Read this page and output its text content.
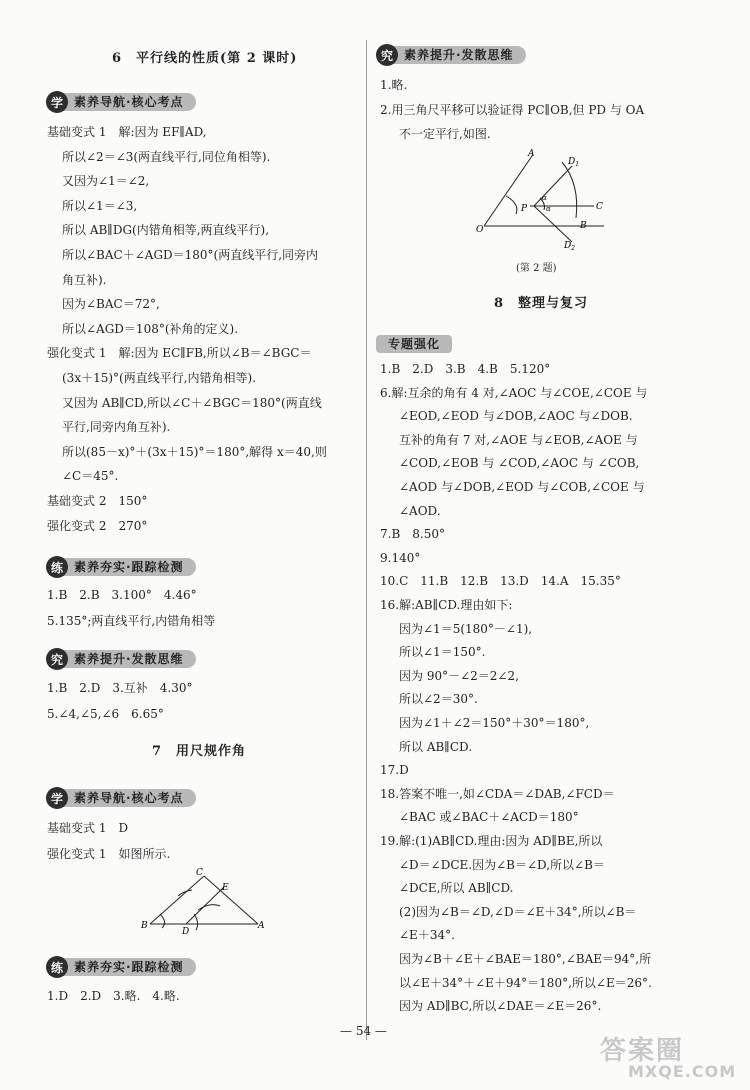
6　平行线的性质(第 2 课时)
学 素养导航·核心考点
基础变式 1　解:因为 EF∥AD,
所以∠2＝∠3(两直线平行,同位角相等).
又因为∠1＝∠2,
所以∠1＝∠3,
所以 AB∥DG(内错角相等,两直线平行),
所以∠BAC＋∠AGD＝180°(两直线平行,同旁内
角互补).
因为∠BAC＝72°,
所以∠AGD＝108°(补角的定义).
强化变式 1　解:因为 EC∥FB,所以∠B＝∠BGC＝
(3x＋15)°(两直线平行,内错角相等).
又因为 AB∥CD,所以∠C＋∠BGC＝180°(两直线
平行,同旁内角互补).
所以(85－x)°＋(3x＋15)°＝180°,解得 x＝40,则
∠C＝45°.
基础变式 2　150°
强化变式 2　270°
练 素养夯实·跟踪检测
1.B　2.B　3.100°　4.46°
5.135°;两直线平行,内错角相等
究 素养提升·发散思维
1.B　2.D　3.互补　4.30°
5.∠4,∠5,∠6　6.65°
7　用尺规作角
学 素养导航·核心考点
基础变式 1　D
强化变式 1　如图所示.
C
E
B
D
A
练 素养夯实·跟踪检测
1.D　2.D　3.略.　4.略.
究 素养提升·发散思维
1.略.
2.用三角尺平移可以验证得 PC∥OB,但 PD 与 OA
不一定平行,如图.
A
$D_1$
P	C
O	B
$D_2$
α
α
(第 2 题)
8　整理与复习
专题强化
1.B　2.D　3.B　4.B　5.120°
6.解:互余的角有 4 对,∠AOC 与∠COE,∠COE 与
∠EOD,∠EOD 与∠DOB,∠AOC 与∠DOB.
互补的角有 7 对,∠AOE 与∠EOB,∠AOE 与
∠COD,∠EOB 与 ∠COD,∠AOC 与 ∠COB,
∠AOD 与∠DOB,∠EOD 与∠COB,∠COE 与
∠AOD.
7.B　8.50°
9.140°
10.C　11.B　12.B　13.D　14.A　15.35°
16.解:AB∥CD.理由如下:
因为∠1＝5(180°－∠1),
所以∠1＝150°.
因为 90°－∠2＝2∠2,
所以∠2＝30°.
因为∠1＋∠2＝150°＋30°＝180°,
所以 AB∥CD.
17.D
18.答案不唯一,如∠CDA＝∠DAB,∠FCD＝
∠BAC 或∠BAC＋∠ACD＝180°
19.解:(1)AB∥CD.理由:因为 AD∥BE,所以
∠D＝∠DCE.因为∠B＝∠D,所以∠B＝
∠DCE,所以 AB∥CD.
(2)因为∠B＝∠D,∠D＝∠E＋34°,所以∠B＝
∠E＋34°.
因为∠B＋∠E＋∠BAE＝180°,∠BAE＝94°,所
以∠E＋34°＋∠E＋94°＝180°,所以∠E＝26°.
因为 AD∥BC,所以∠DAE＝∠E＝26°.
— 54 —
答案圈
MXQE.COM
